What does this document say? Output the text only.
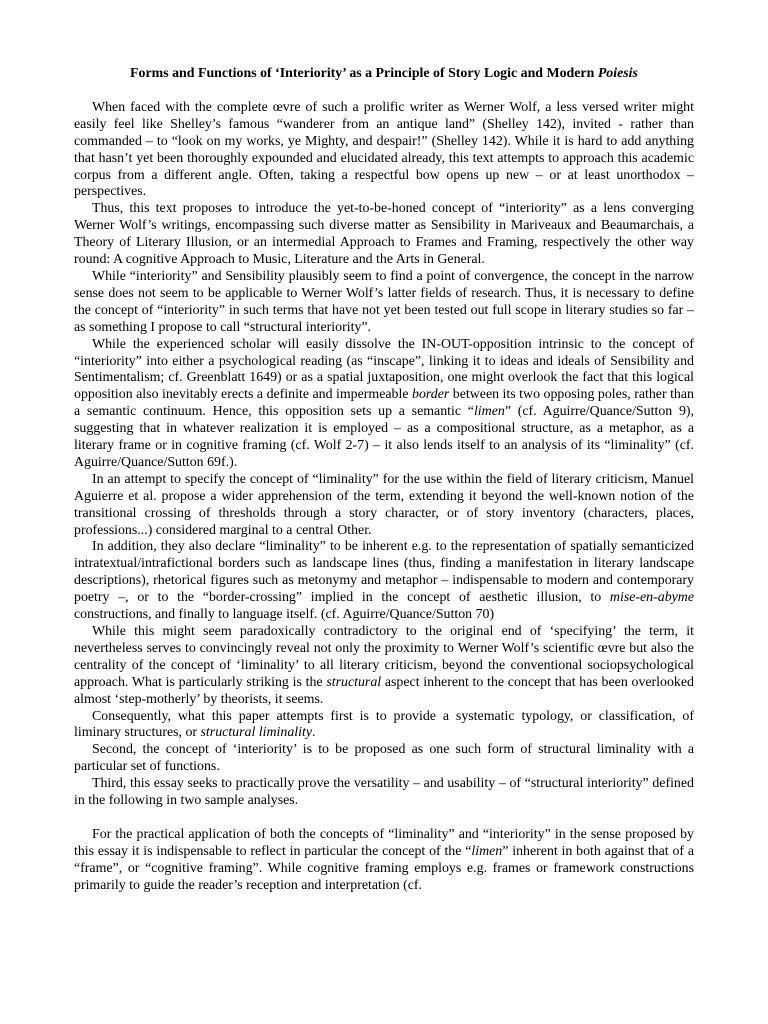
Forms and Functions of ‘Interiority’ as a Principle of Story Logic and Modern Poiesis

When faced with the complete œvre of such a prolific writer as Werner Wolf, a less versed writer might easily feel like Shelley’s famous “wanderer from an antique land” (Shelley 142), invited - rather than commanded – to “look on my works, ye Mighty, and despair!” (Shelley 142). While it is hard to add anything that hasn’t yet been thoroughly expounded and elucidated already, this text attempts to approach this academic corpus from a different angle. Often, taking a respectful bow opens up new – or at least unorthodox – perspectives.

Thus, this text proposes to introduce the yet-to-be-honed concept of “interiority” as a lens converging Werner Wolf’s writings, encompassing such diverse matter as Sensibility in Mariveaux and Beaumarchais, a Theory of Literary Illusion, or an intermedial Approach to Frames and Framing, respectively the other way round: A cognitive Approach to Music, Literature and the Arts in General.

While “interiority” and Sensibility plausibly seem to find a point of convergence, the concept in the narrow sense does not seem to be applicable to Werner Wolf’s latter fields of research. Thus, it is necessary to define the concept of “interiority” in such terms that have not yet been tested out full scope in literary studies so far – as something I propose to call “structural interiority”.

While the experienced scholar will easily dissolve the IN-OUT-opposition intrinsic to the concept of “interiority” into either a psychological reading (as “inscape”, linking it to ideas and ideals of Sensibility and Sentimentalism; cf. Greenblatt 1649) or as a spatial juxtaposition, one might overlook the fact that this logical opposition also inevitably erects a definite and impermeable border between its two opposing poles, rather than a semantic continuum. Hence, this opposition sets up a semantic “limen” (cf. Aguirre/Quance/Sutton 9), suggesting that in whatever realization it is employed – as a compositional structure, as a metaphor, as a literary frame or in cognitive framing (cf. Wolf 2-7) – it also lends itself to an analysis of its “liminality” (cf. Aguirre/Quance/Sutton 69f.).

In an attempt to specify the concept of “liminality” for the use within the field of literary criticism, Manuel Aguierre et al. propose a wider apprehension of the term, extending it beyond the well-known notion of the transitional crossing of thresholds through a story character, or of story inventory (characters, places, professions...) considered marginal to a central Other.

In addition, they also declare “liminality” to be inherent e.g. to the representation of spatially semanticized intratextual/intrafictional borders such as landscape lines (thus, finding a manifestation in literary landscape descriptions), rhetorical figures such as metonymy and metaphor – indispensable to modern and contemporary poetry –, or to the “border-crossing” implied in the concept of aesthetic illusion, to mise-en-abyme constructions, and finally to language itself. (cf. Aguirre/Quance/Sutton 70)

While this might seem paradoxically contradictory to the original end of ‘specifying’ the term, it nevertheless serves to convincingly reveal not only the proximity to Werner Wolf’s scientific œvre but also the centrality of the concept of ‘liminality’ to all literary criticism, beyond the conventional sociopsychological approach. What is particularly striking is the structural aspect inherent to the concept that has been overlooked almost ‘step-motherly’ by theorists, it seems.

Consequently, what this paper attempts first is to provide a systematic typology, or classification, of liminary structures, or structural liminality.

Second, the concept of ‘interiority’ is to be proposed as one such form of structural liminality with a particular set of functions.

Third, this essay seeks to practically prove the versatility – and usability – of “structural interiority” defined in the following in two sample analyses.

For the practical application of both the concepts of “liminality” and “interiority” in the sense proposed by this essay it is indispensable to reflect in particular the concept of the “limen” inherent in both against that of a “frame”, or “cognitive framing”. While cognitive framing employs e.g. frames or framework constructions primarily to guide the reader’s reception and interpretation (cf.
